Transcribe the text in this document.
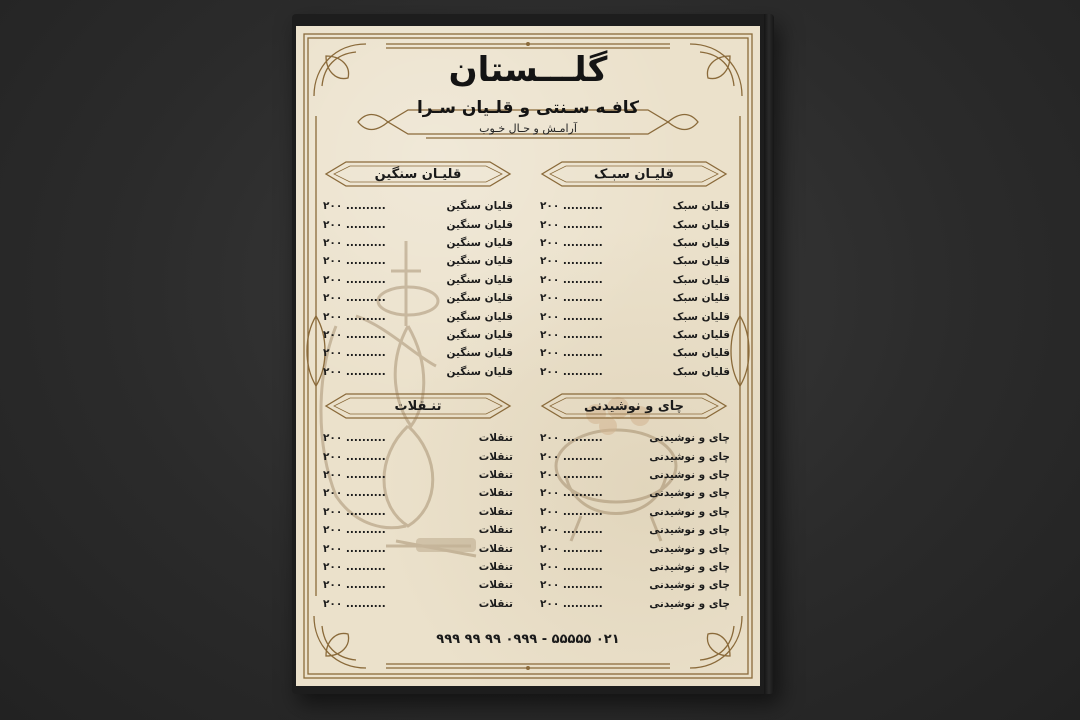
گلـــستان
کافـه سـنتی و قلـیان سـرا
آرامـش و حـال خـوب
قلیـان سبـک
قلیـان سنگین
چای و نوشیدنی
تنـقلات
قلیان سبک
۲۰۰ ..........
قلیان سبک
۲۰۰ ..........
قلیان سبک
۲۰۰ ..........
قلیان سبک
۲۰۰ ..........
قلیان سبک
۲۰۰ ..........
قلیان سبک
۲۰۰ ..........
قلیان سبک
۲۰۰ ..........
قلیان سبک
۲۰۰ ..........
قلیان سبک
۲۰۰ ..........
قلیان سبک
۲۰۰ ..........
قلیان سنگین
۲۰۰ ..........
قلیان سنگین
۲۰۰ ..........
قلیان سنگین
۲۰۰ ..........
قلیان سنگین
۲۰۰ ..........
قلیان سنگین
۲۰۰ ..........
قلیان سنگین
۲۰۰ ..........
قلیان سنگین
۲۰۰ ..........
قلیان سنگین
۲۰۰ ..........
قلیان سنگین
۲۰۰ ..........
قلیان سنگین
۲۰۰ ..........
چای و نوشیدنی
۲۰۰ ..........
چای و نوشیدنی
۲۰۰ ..........
چای و نوشیدنی
۲۰۰ ..........
چای و نوشیدنی
۲۰۰ ..........
چای و نوشیدنی
۲۰۰ ..........
چای و نوشیدنی
۲۰۰ ..........
چای و نوشیدنی
۲۰۰ ..........
چای و نوشیدنی
۲۰۰ ..........
چای و نوشیدنی
۲۰۰ ..........
چای و نوشیدنی
۲۰۰ ..........
تنقلات
۲۰۰ ..........
تنقلات
۲۰۰ ..........
تنقلات
۲۰۰ ..........
تنقلات
۲۰۰ ..........
تنقلات
۲۰۰ ..........
تنقلات
۲۰۰ ..........
تنقلات
۲۰۰ ..........
تنقلات
۲۰۰ ..........
تنقلات
۲۰۰ ..........
تنقلات
۲۰۰ ..........
۰۲۱ ۵۵۵۵۵ - ۰۹۹۹ ۹۹ ۹۹ ۹۹۹
